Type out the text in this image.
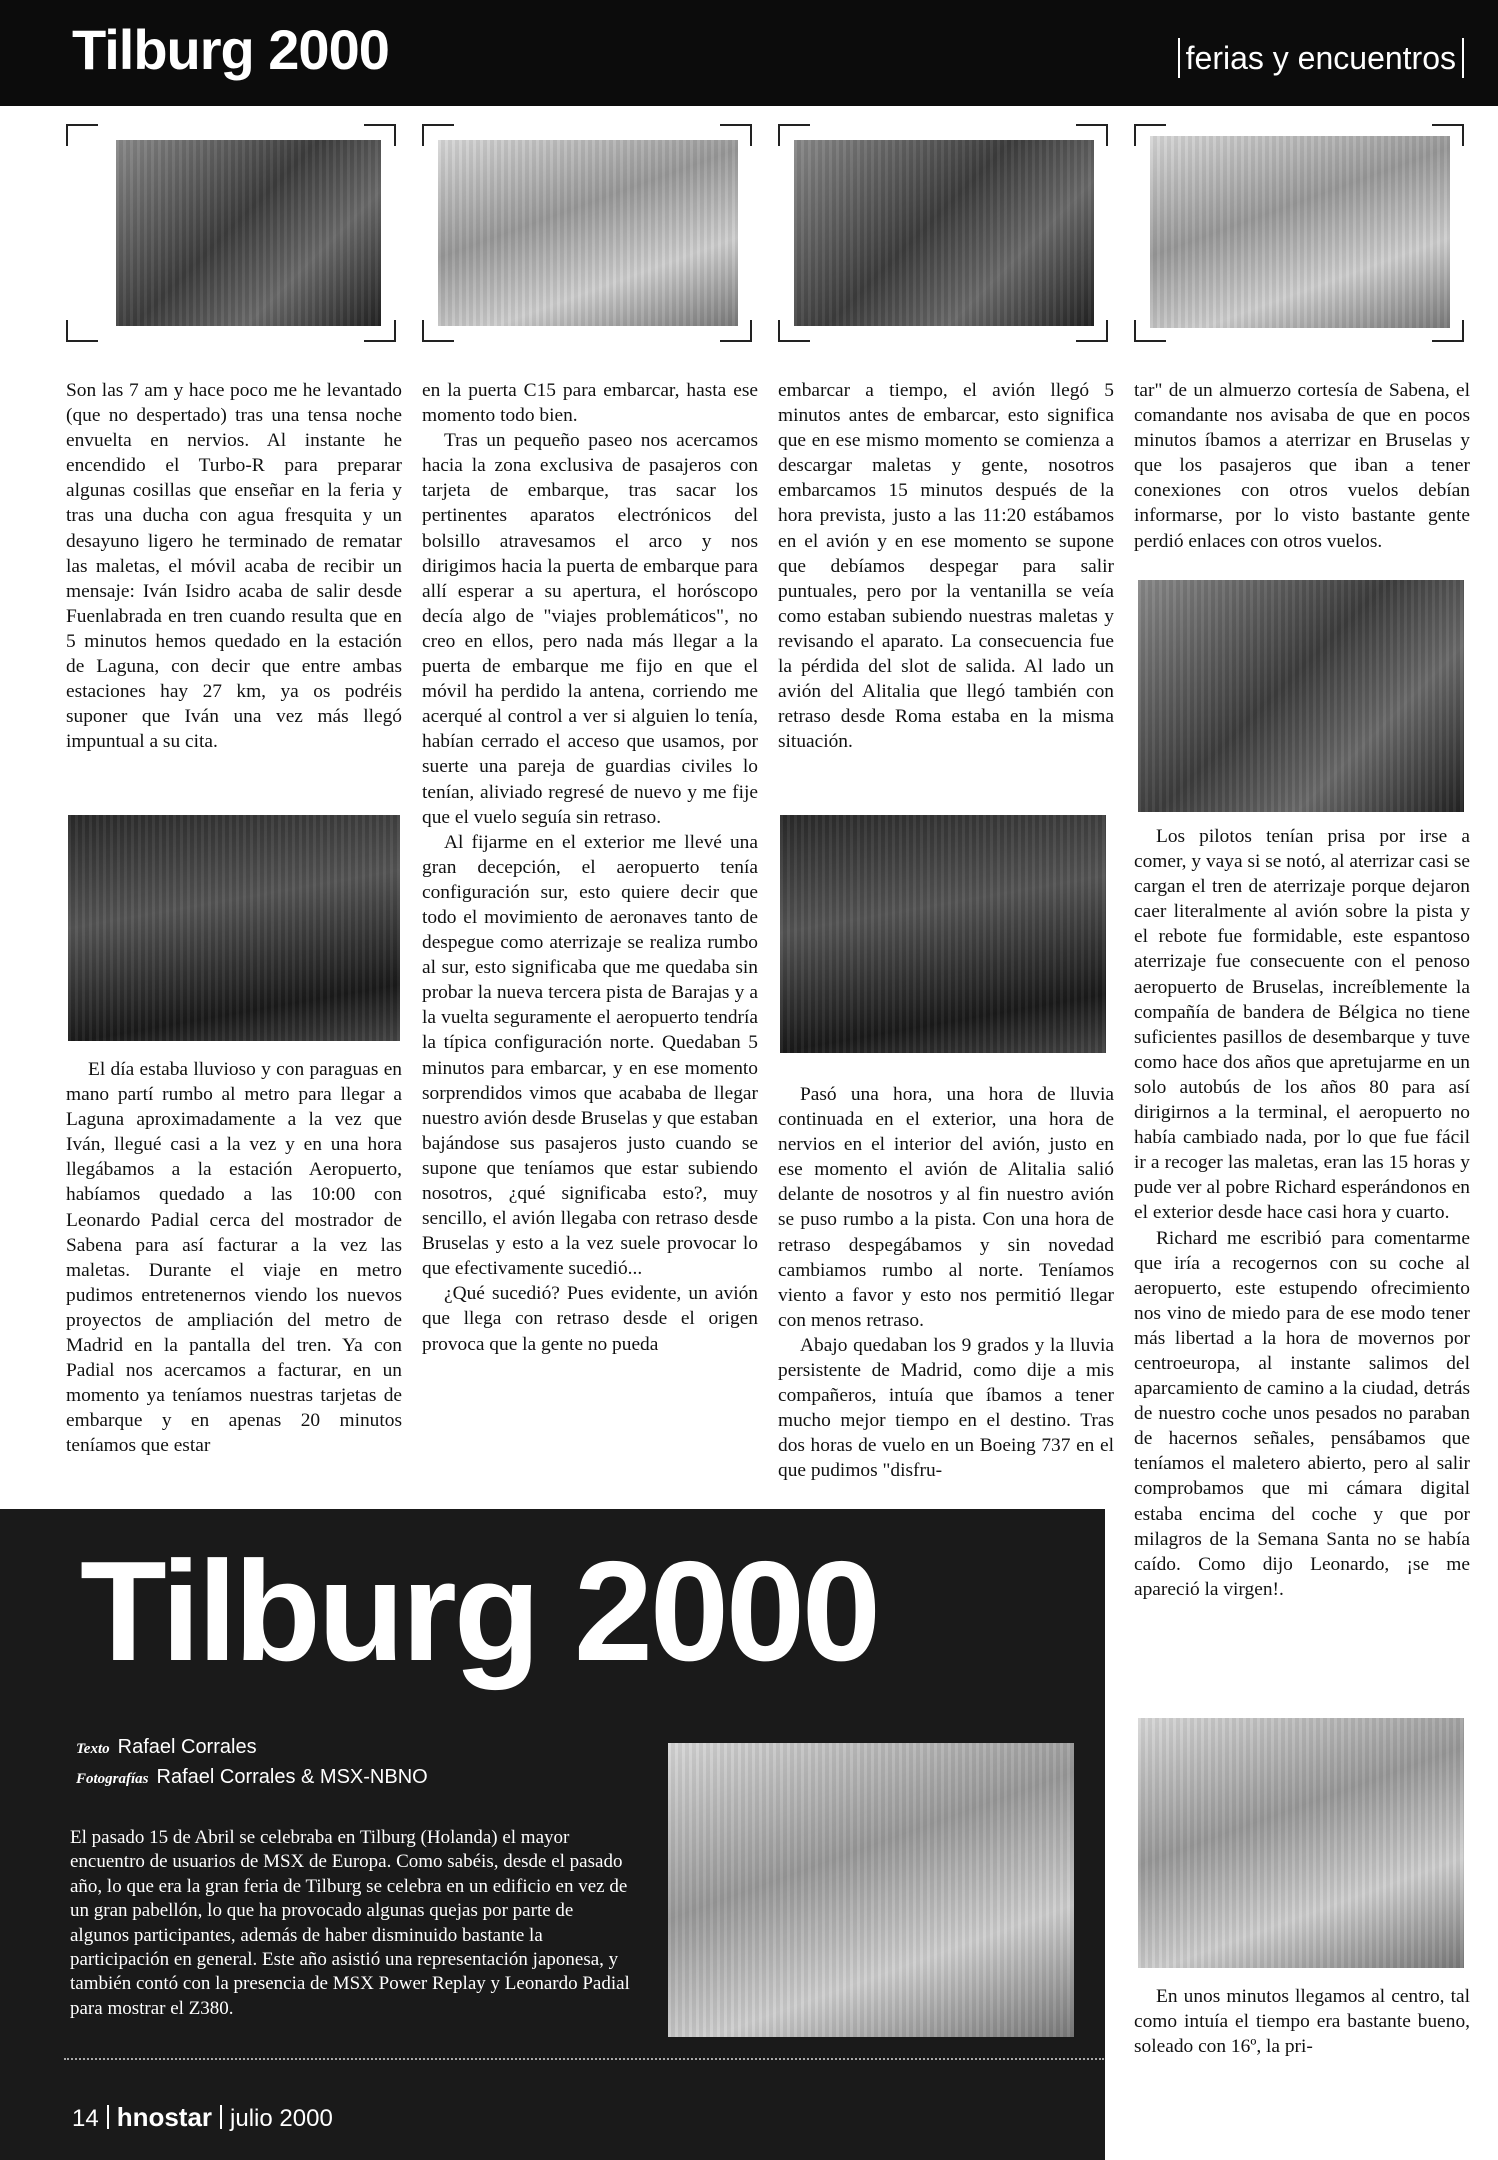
Tilburg 2000	ferias y encuentros

Son las 7 am y hace poco me he levantado (que no despertado) tras una tensa noche envuelta en nervios. Al instante he encendido el Turbo-R para preparar algunas cosillas que enseñar en la feria y tras una ducha con agua fresquita y un desayuno ligero he terminado de rematar las maletas, el móvil acaba de recibir un mensaje: Iván Isidro acaba de salir desde Fuenlabrada en tren cuando resulta que en 5 minutos hemos quedado en la estación de Laguna, con decir que entre ambas estaciones hay 27 km, ya os podréis suponer que Iván una vez más llegó impuntual a su cita.

El día estaba lluvioso y con paraguas en mano partí rumbo al metro para llegar a Laguna aproximadamente a la vez que Iván, llegué casi a la vez y en una hora llegábamos a la estación Aeropuerto, habíamos quedado a las 10:00 con Leonardo Padial cerca del mostrador de Sabena para así facturar a la vez las maletas. Durante el viaje en metro pudimos entretenernos viendo los nuevos proyectos de ampliación del metro de Madrid en la pantalla del tren. Ya con Padial nos acercamos a facturar, en un momento ya teníamos nuestras tarjetas de embarque y en apenas 20 minutos teníamos que estar

en la puerta C15 para embarcar, hasta ese momento todo bien.

Tras un pequeño paseo nos acercamos hacia la zona exclusiva de pasajeros con tarjeta de embarque, tras sacar los pertinentes aparatos electrónicos del bolsillo atravesamos el arco y nos dirigimos hacia la puerta de embarque para allí esperar a su apertura, el horóscopo decía algo de "viajes problemáticos", no creo en ellos, pero nada más llegar a la puerta de embarque me fijo en que el móvil ha perdido la antena, corriendo me acerqué al control a ver si alguien lo tenía, habían cerrado el acceso que usamos, por suerte una pareja de guardias civiles lo tenían, aliviado regresé de nuevo y me fije que el vuelo seguía sin retraso.

Al fijarme en el exterior me llevé una gran decepción, el aeropuerto tenía configuración sur, esto quiere decir que todo el movimiento de aeronaves tanto de despegue como aterrizaje se realiza rumbo al sur, esto significaba que me quedaba sin probar la nueva tercera pista de Barajas y a la vuelta seguramente el aeropuerto tendría la típica configuración norte. Quedaban 5 minutos para embarcar, y en ese momento sorprendidos vimos que acababa de llegar nuestro avión desde Bruselas y que estaban bajándose sus pasajeros justo cuando se supone que teníamos que estar subiendo nosotros, ¿qué significaba esto?, muy sencillo, el avión llegaba con retraso desde Bruselas y esto a la vez suele provocar lo que efectivamente sucedió...

¿Qué sucedió? Pues evidente, un avión que llega con retraso desde el origen provoca que la gente no pueda

embarcar a tiempo, el avión llegó 5 minutos antes de embarcar, esto significa que en ese mismo momento se comienza a descargar maletas y gente, nosotros embarcamos 15 minutos después de la hora prevista, justo a las 11:20 estábamos en el avión y en ese momento se supone que debíamos despegar para salir puntuales, pero por la ventanilla se veía como estaban subiendo nuestras maletas y revisando el aparato. La consecuencia fue la pérdida del slot de salida. Al lado un avión del Alitalia que llegó también con retraso desde Roma estaba en la misma situación.

Pasó una hora, una hora de lluvia continuada en el exterior, una hora de nervios en el interior del avión, justo en ese momento el avión de Alitalia salió delante de nosotros y al fin nuestro avión se puso rumbo a la pista. Con una hora de retraso despegábamos y sin novedad cambiamos rumbo al norte. Teníamos viento a favor y esto nos permitió llegar con menos retraso.

Abajo quedaban los 9 grados y la lluvia persistente de Madrid, como dije a mis compañeros, intuía que íbamos a tener mucho mejor tiempo en el destino. Tras dos horas de vuelo en un Boeing 737 en el que pudimos "disfru-

tar" de un almuerzo cortesía de Sabena, el comandante nos avisaba de que en pocos minutos íbamos a aterrizar en Bruselas y que los pasajeros que iban a tener conexiones con otros vuelos debían informarse, por lo visto bastante gente perdió enlaces con otros vuelos.

Los pilotos tenían prisa por irse a comer, y vaya si se notó, al aterrizar casi se cargan el tren de aterrizaje porque dejaron caer literalmente al avión sobre la pista y el rebote fue formidable, este espantoso aterrizaje fue consecuente con el penoso aeropuerto de Bruselas, increíblemente la compañía de bandera de Bélgica no tiene suficientes pasillos de desembarque y tuve como hace dos años que apretujarme en un solo autobús de los años 80 para así dirigirnos a la terminal, el aeropuerto no había cambiado nada, por lo que fue fácil ir a recoger las maletas, eran las 15 horas y pude ver al pobre Richard esperándonos en el exterior desde hace casi hora y cuarto.

Richard me escribió para comentarme que iría a recogernos con su coche al aeropuerto, este estupendo ofrecimiento nos vino de miedo para de ese modo tener más libertad a la hora de movernos por centroeuropa, al instante salimos del aparcamiento de camino a la ciudad, detrás de nuestro coche unos pesados no paraban de hacernos señales, pensábamos que teníamos el maletero abierto, pero al salir comprobamos que mi cámara digital estaba encima del coche y que por milagros de la Semana Santa no se había caído. Como dijo Leonardo, ¡se me apareció la virgen!.

En unos minutos llegamos al centro, tal como intuía el tiempo era bastante bueno, soleado con 16º, la pri-

Tilburg 2000
Texto Rafael Corrales
Fotografías Rafael Corrales & MSX-NBNO
El pasado 15 de Abril se celebraba en Tilburg (Holanda) el mayor encuentro de usuarios de MSX de Europa. Como sabéis, desde el pasado año, lo que era la gran feria de Tilburg se celebra en un edificio en vez de un gran pabellón, lo que ha provocado algunas quejas por parte de algunos participantes, además de haber disminuido bastante la participación en general. Este año asistió una representación japonesa, y también contó con la presencia de MSX Power Replay y Leonardo Padial para mostrar el Z380.
14 hnostar julio 2000
